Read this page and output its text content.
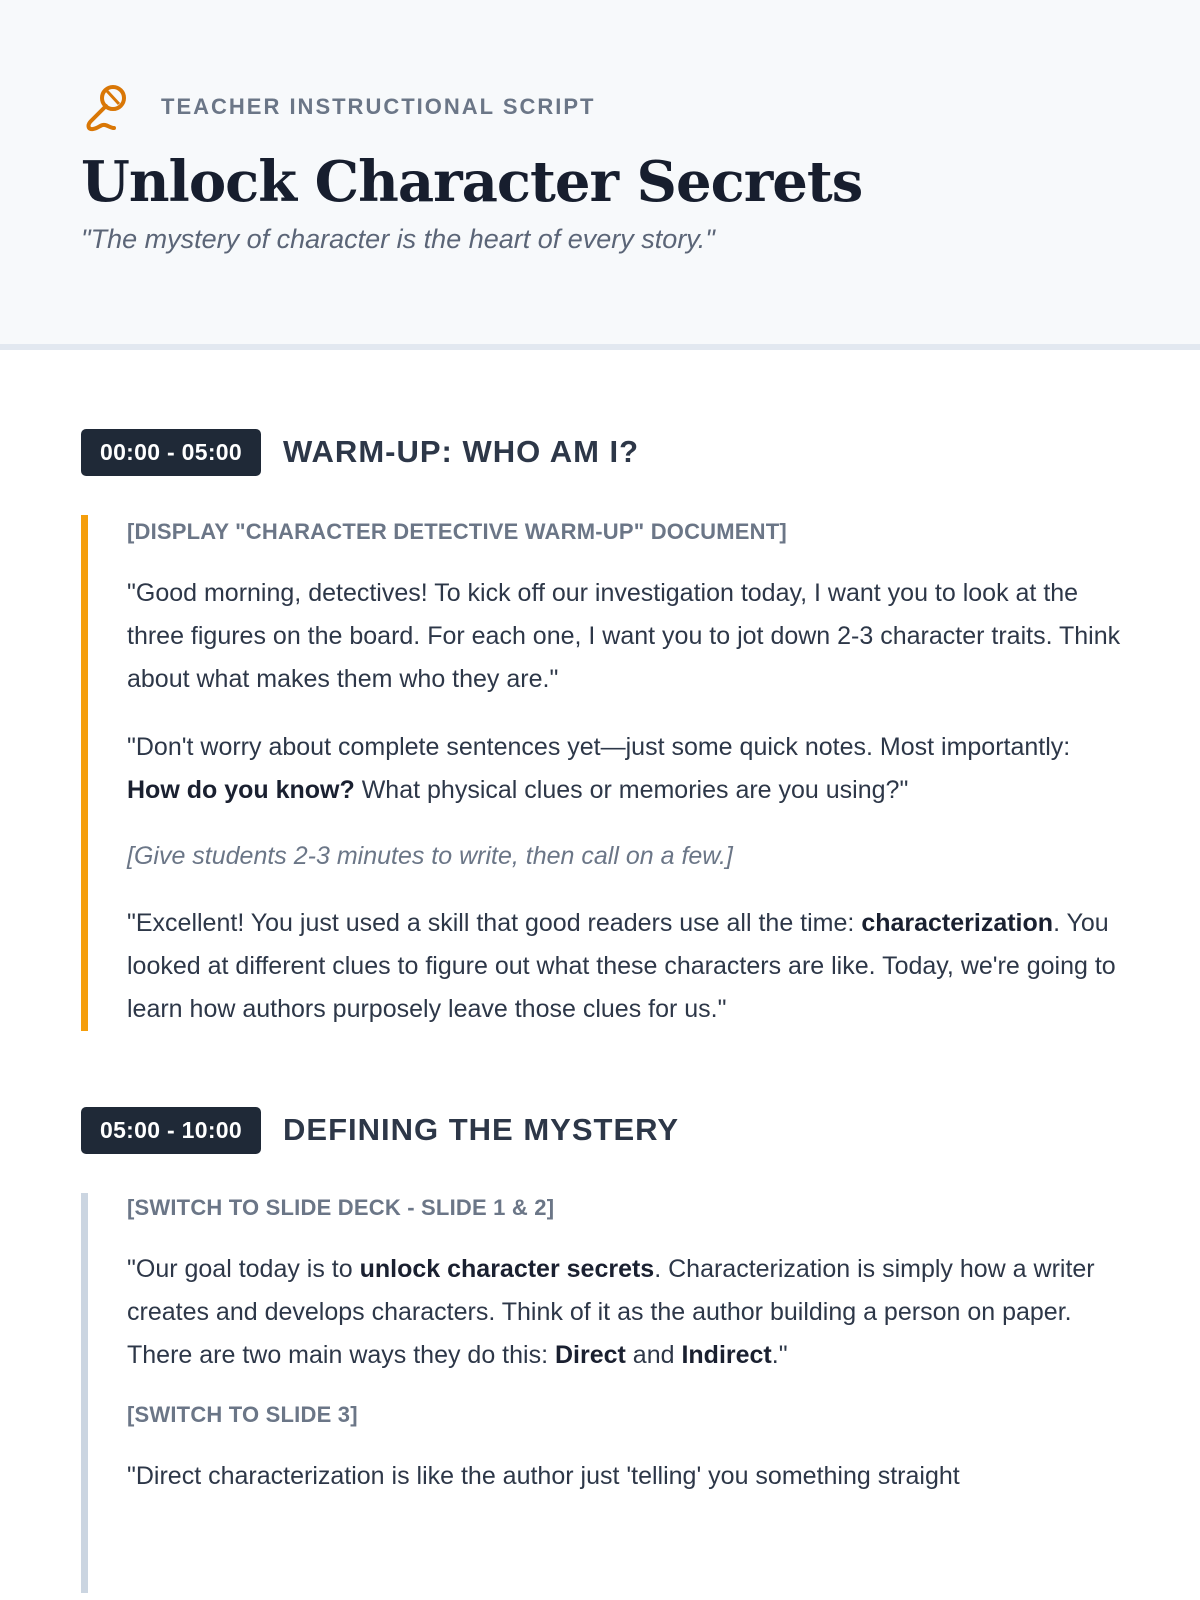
TEACHER INSTRUCTIONAL SCRIPT
Unlock Character Secrets

"The mystery of character is the heart of every story."

00:00 - 05:00	WARM-UP: WHO AM I?

[DISPLAY "CHARACTER DETECTIVE WARM-UP" DOCUMENT]

"Good morning, detectives! To kick off our investigation today, I want you to look at the three figures on the board. For each one, I want you to jot down 2-3 character traits. Think about what makes them who they are."

"Don't worry about complete sentences yet—just some quick notes. Most importantly: How do you know? What physical clues or memories are you using?"

[Give students 2-3 minutes to write, then call on a few.]

"Excellent! You just used a skill that good readers use all the time: characterization. You looked at different clues to figure out what these characters are like. Today, we're going to learn how authors purposely leave those clues for us."

05:00 - 10:00	DEFINING THE MYSTERY

[SWITCH TO SLIDE DECK - SLIDE 1 & 2]

"Our goal today is to unlock character secrets. Characterization is simply how a writer creates and develops characters. Think of it as the author building a person on paper. There are two main ways they do this: Direct and Indirect."

[SWITCH TO SLIDE 3]

"Direct characterization is like the author just 'telling' you something straight
